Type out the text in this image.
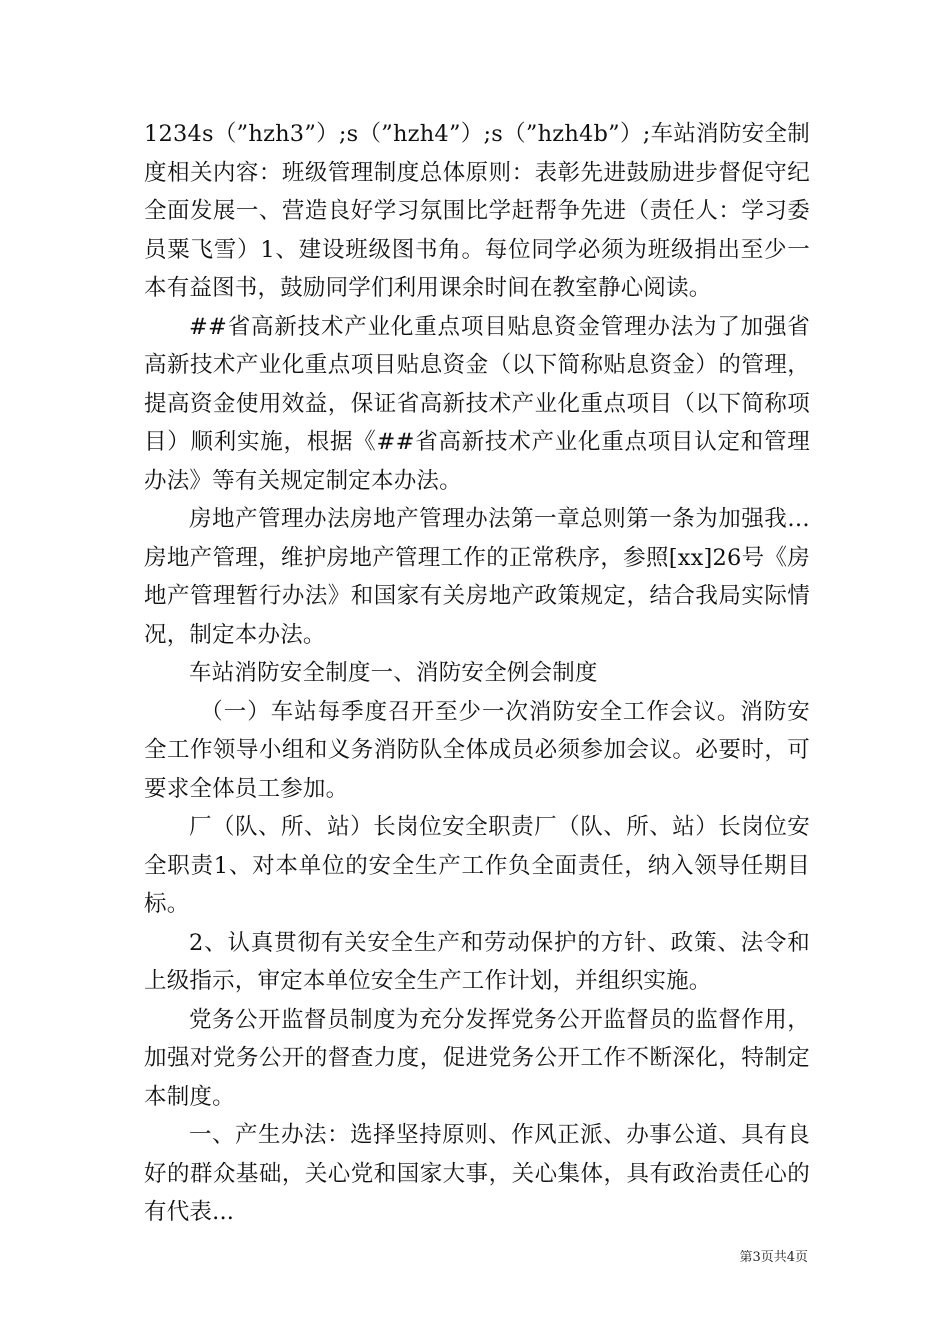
1234s（”hzh3”）;s（”hzh4”）;s（”hzh4b”）;车站消防安全制度相关内容：班级管理制度总体原则：表彰先进鼓励进步督促守纪全面发展一、营造良好学习氛围比学赶帮争先进（责任人：学习委员粟飞雪）1、建设班级图书角。每位同学必须为班级捐出至少一本有益图书，鼓励同学们利用课余时间在教室静心阅读。

##省高新技术产业化重点项目贴息资金管理办法为了加强省高新技术产业化重点项目贴息资金（以下简称贴息资金）的管理，提高资金使用效益，保证省高新技术产业化重点项目（以下简称项目）顺利实施，根据《##省高新技术产业化重点项目认定和管理办法》等有关规定制定本办法。

房地产管理办法房地产管理办法第一章总则第一条为加强我…房地产管理，维护房地产管理工作的正常秩序，参照[xx]26号《房地产管理暂行办法》和国家有关房地产政策规定，结合我局实际情况，制定本办法。

车站消防安全制度一、消防安全例会制度

（一）车站每季度召开至少一次消防安全工作会议。消防安全工作领导小组和义务消防队全体成员必须参加会议。必要时，可要求全体员工参加。

厂（队、所、站）长岗位安全职责厂（队、所、站）长岗位安全职责1、对本单位的安全生产工作负全面责任，纳入领导任期目标。

2、认真贯彻有关安全生产和劳动保护的方针、政策、法令和上级指示，审定本单位安全生产工作计划，并组织实施。

党务公开监督员制度为充分发挥党务公开监督员的监督作用，加强对党务公开的督查力度，促进党务公开工作不断深化，特制定本制度。

一、产生办法：选择坚持原则、作风正派、办事公道、具有良好的群众基础，关心党和国家大事，关心集体，具有政治责任心的有代表...

第3页共4页
